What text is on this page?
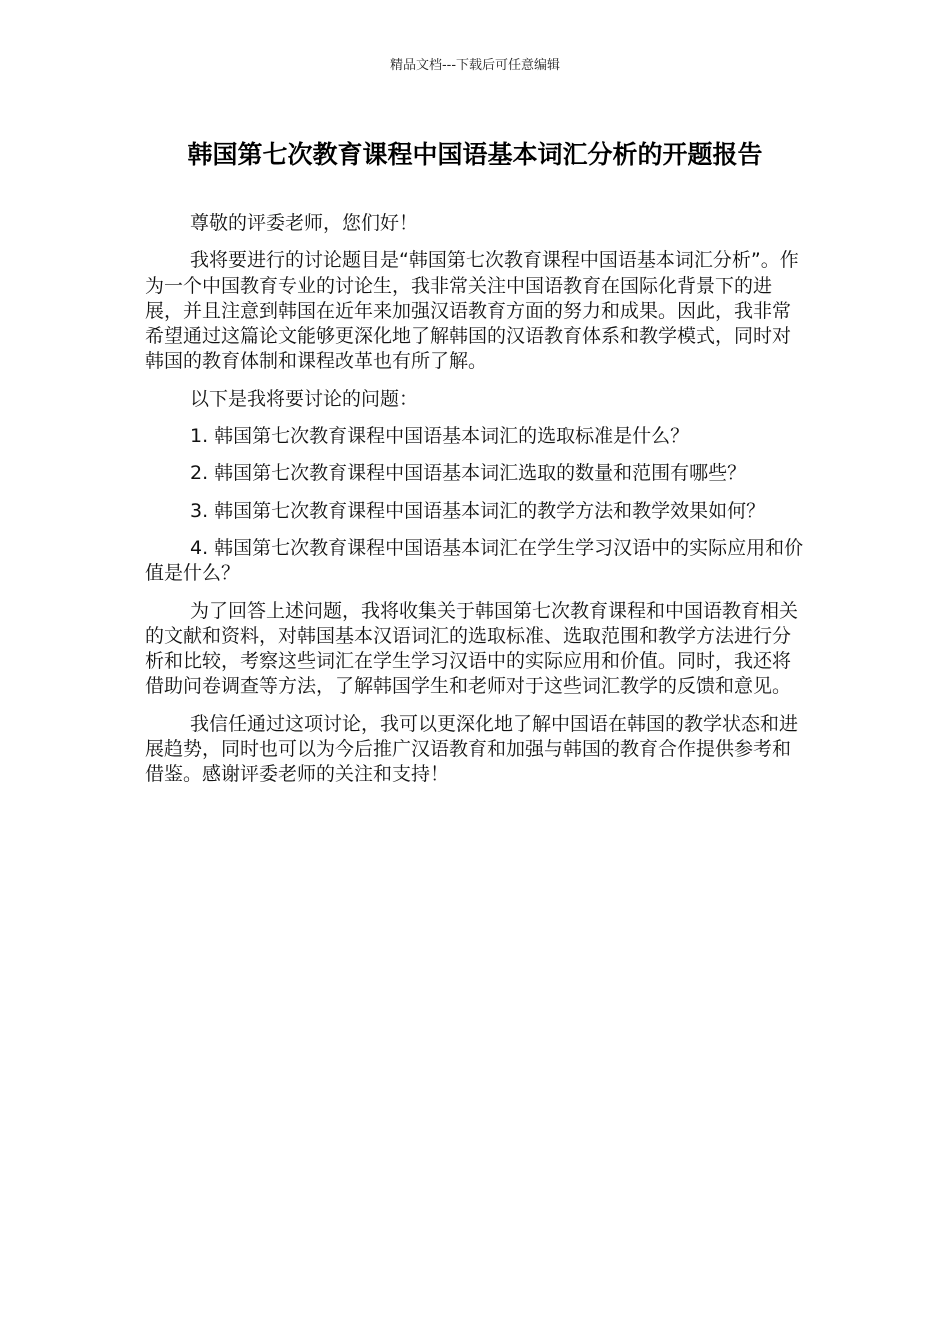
精品文档---下载后可任意编辑
韩国第七次教育课程中国语基本词汇分析的开题报告

尊敬的评委老师，您们好！

我将要进行的讨论题目是“韩国第七次教育课程中国语基本词汇分析”。作为一个中国教育专业的讨论生，我非常关注中国语教育在国际化背景下的进展，并且注意到韩国在近年来加强汉语教育方面的努力和成果。因此，我非常希望通过这篇论文能够更深化地了解韩国的汉语教育体系和教学模式，同时对韩国的教育体制和课程改革也有所了解。

以下是我将要讨论的问题：

1. 韩国第七次教育课程中国语基本词汇的选取标准是什么？

2. 韩国第七次教育课程中国语基本词汇选取的数量和范围有哪些？

3. 韩国第七次教育课程中国语基本词汇的教学方法和教学效果如何？

4. 韩国第七次教育课程中国语基本词汇在学生学习汉语中的实际应用和价值是什么？

为了回答上述问题，我将收集关于韩国第七次教育课程和中国语教育相关的文献和资料，对韩国基本汉语词汇的选取标准、选取范围和教学方法进行分析和比较，考察这些词汇在学生学习汉语中的实际应用和价值。同时，我还将借助问卷调查等方法，了解韩国学生和老师对于这些词汇教学的反馈和意见。

我信任通过这项讨论，我可以更深化地了解中国语在韩国的教学状态和进展趋势，同时也可以为今后推广汉语教育和加强与韩国的教育合作提供参考和借鉴。感谢评委老师的关注和支持！
